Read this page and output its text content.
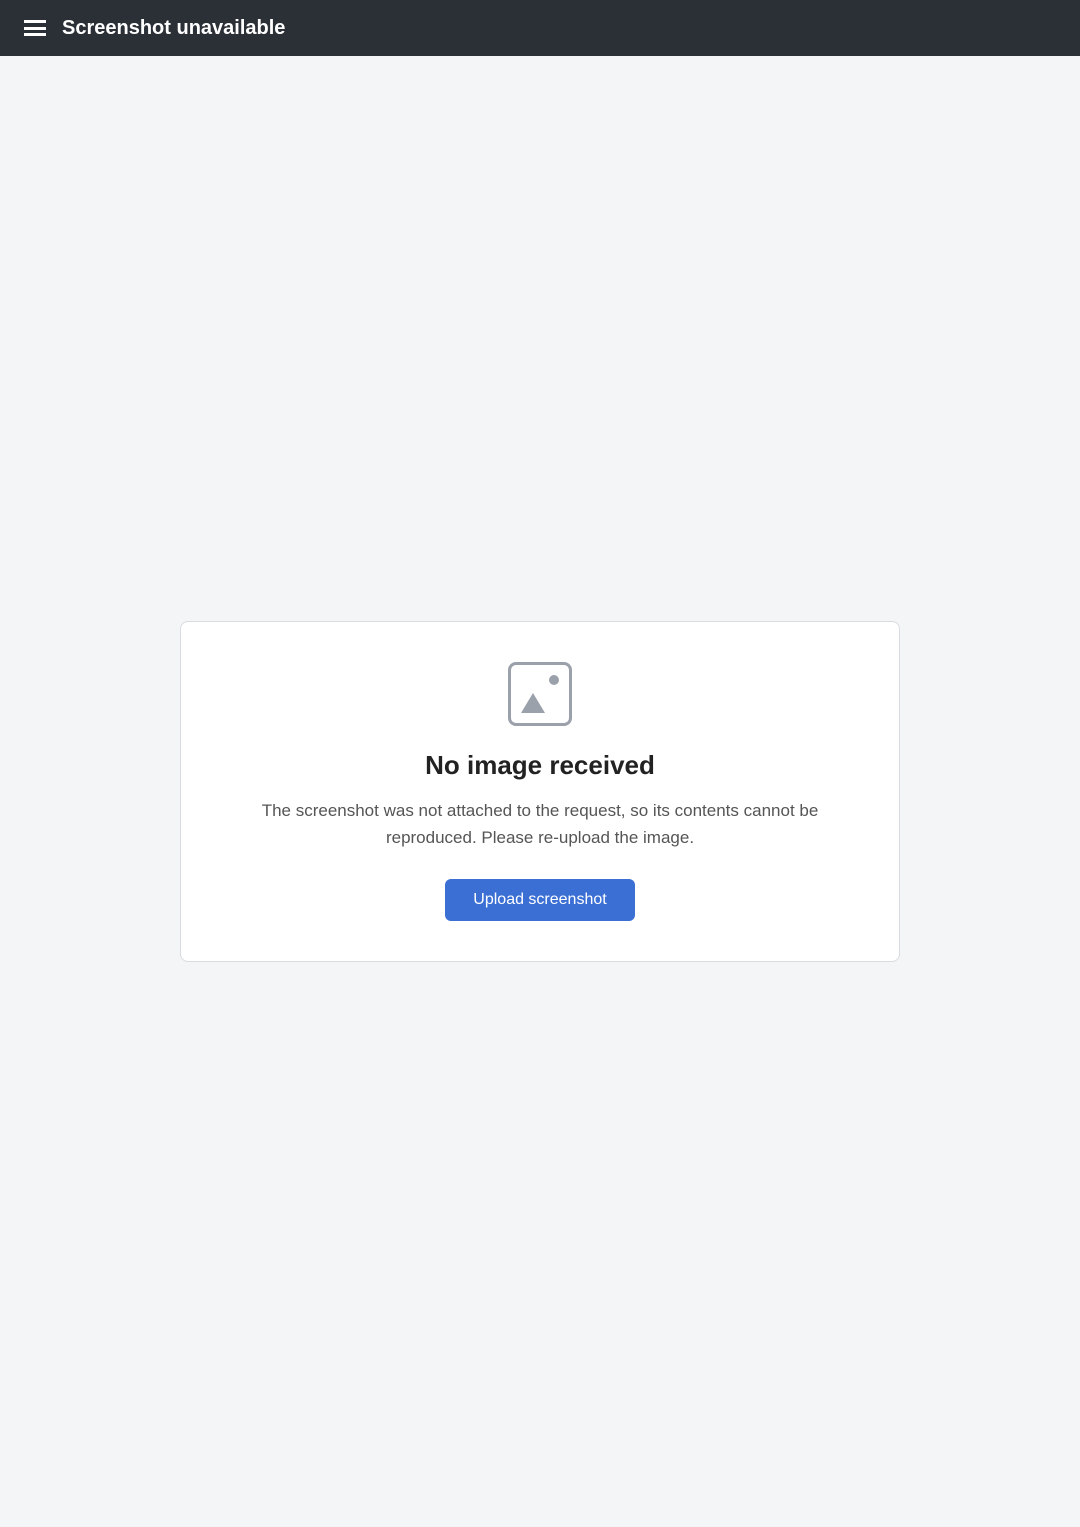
Screenshot unavailable
No image received

The screenshot was not attached to the request, so its contents cannot be reproduced. Please re-upload the image.

Upload screenshot
